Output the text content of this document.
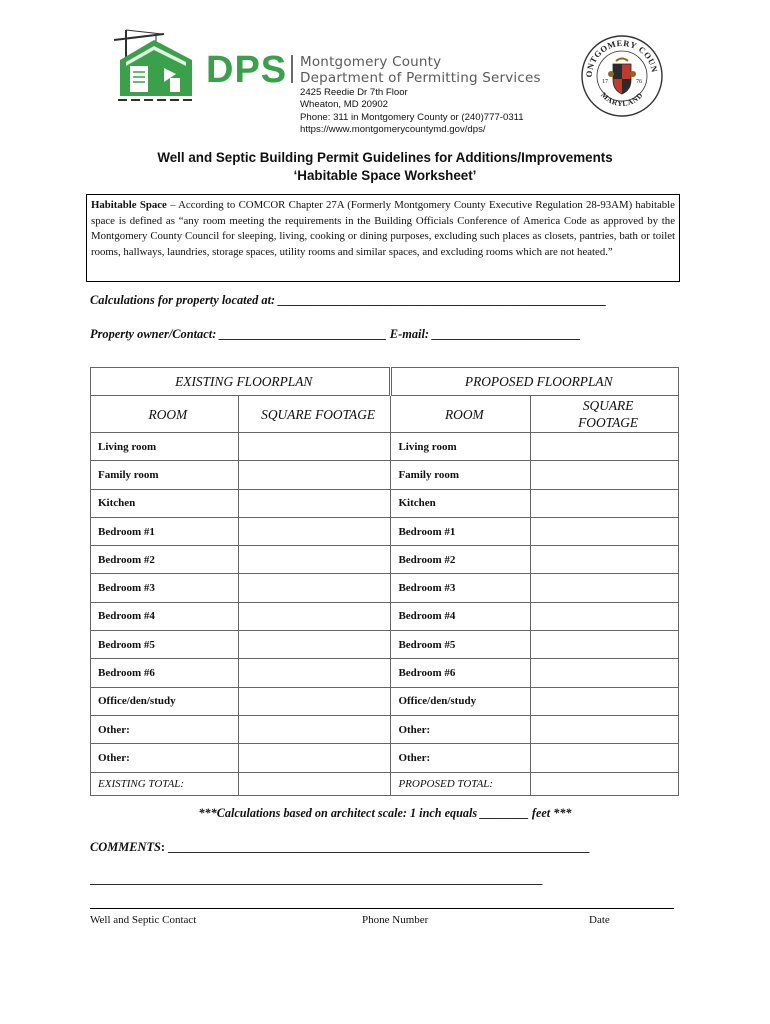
DPS Montgomery County
Department of Permitting Services
2425 Reedie Dr 7th Floor
Wheaton, MD 20902
Phone: 311 in Montgomery County or (240)777-0311
https://www.montgomerycountymd.gov/dps/
ONTGOMERY COUN
MARYLAND
17	76
Well and Septic Building Permit Guidelines for Additions/Improvements
‘Habitable Space Worksheet’
Habitable Space – According to COMCOR Chapter 27A (Formerly Montgomery County Executive Regulation 28-93AM) habitable space is defined as “any room meeting the requirements in the Building Officials Conference of America Code as approved by the Montgomery County Council for sleeping, living, cooking or dining purposes, excluding such places as closets, pantries, bath or toilet rooms, hallways, laundries, storage spaces, utility rooms and similar spaces, and excluding rooms which are not heated.”
Calculations for property located at: _____________________________________________________
Property owner/Contact: ___________________________ E-mail: ________________________
EXISTING FLOORPLAN		PROPOSED FLOORPLAN	
ROOM	SQUARE FOOTAGE	ROOM	SQUARE
FOOTAGE
Living room		Living room	
Family room		Family room	
Kitchen		Kitchen	
Bedroom #1		Bedroom #1	
Bedroom #2		Bedroom #2	
Bedroom #3		Bedroom #3	
Bedroom #4		Bedroom #4	
Bedroom #5		Bedroom #5	
Bedroom #6		Bedroom #6	
Office/den/study		Office/den/study	
Other:		Other:	
Other:		Other:	
EXISTING TOTAL:		PROPOSED TOTAL:	
***Calculations based on architect scale: 1 inch equals ________ feet ***
COMMENTS: ____________________________________________________________________
_________________________________________________________________________
Well and Septic Contact	Phone Number	Date
